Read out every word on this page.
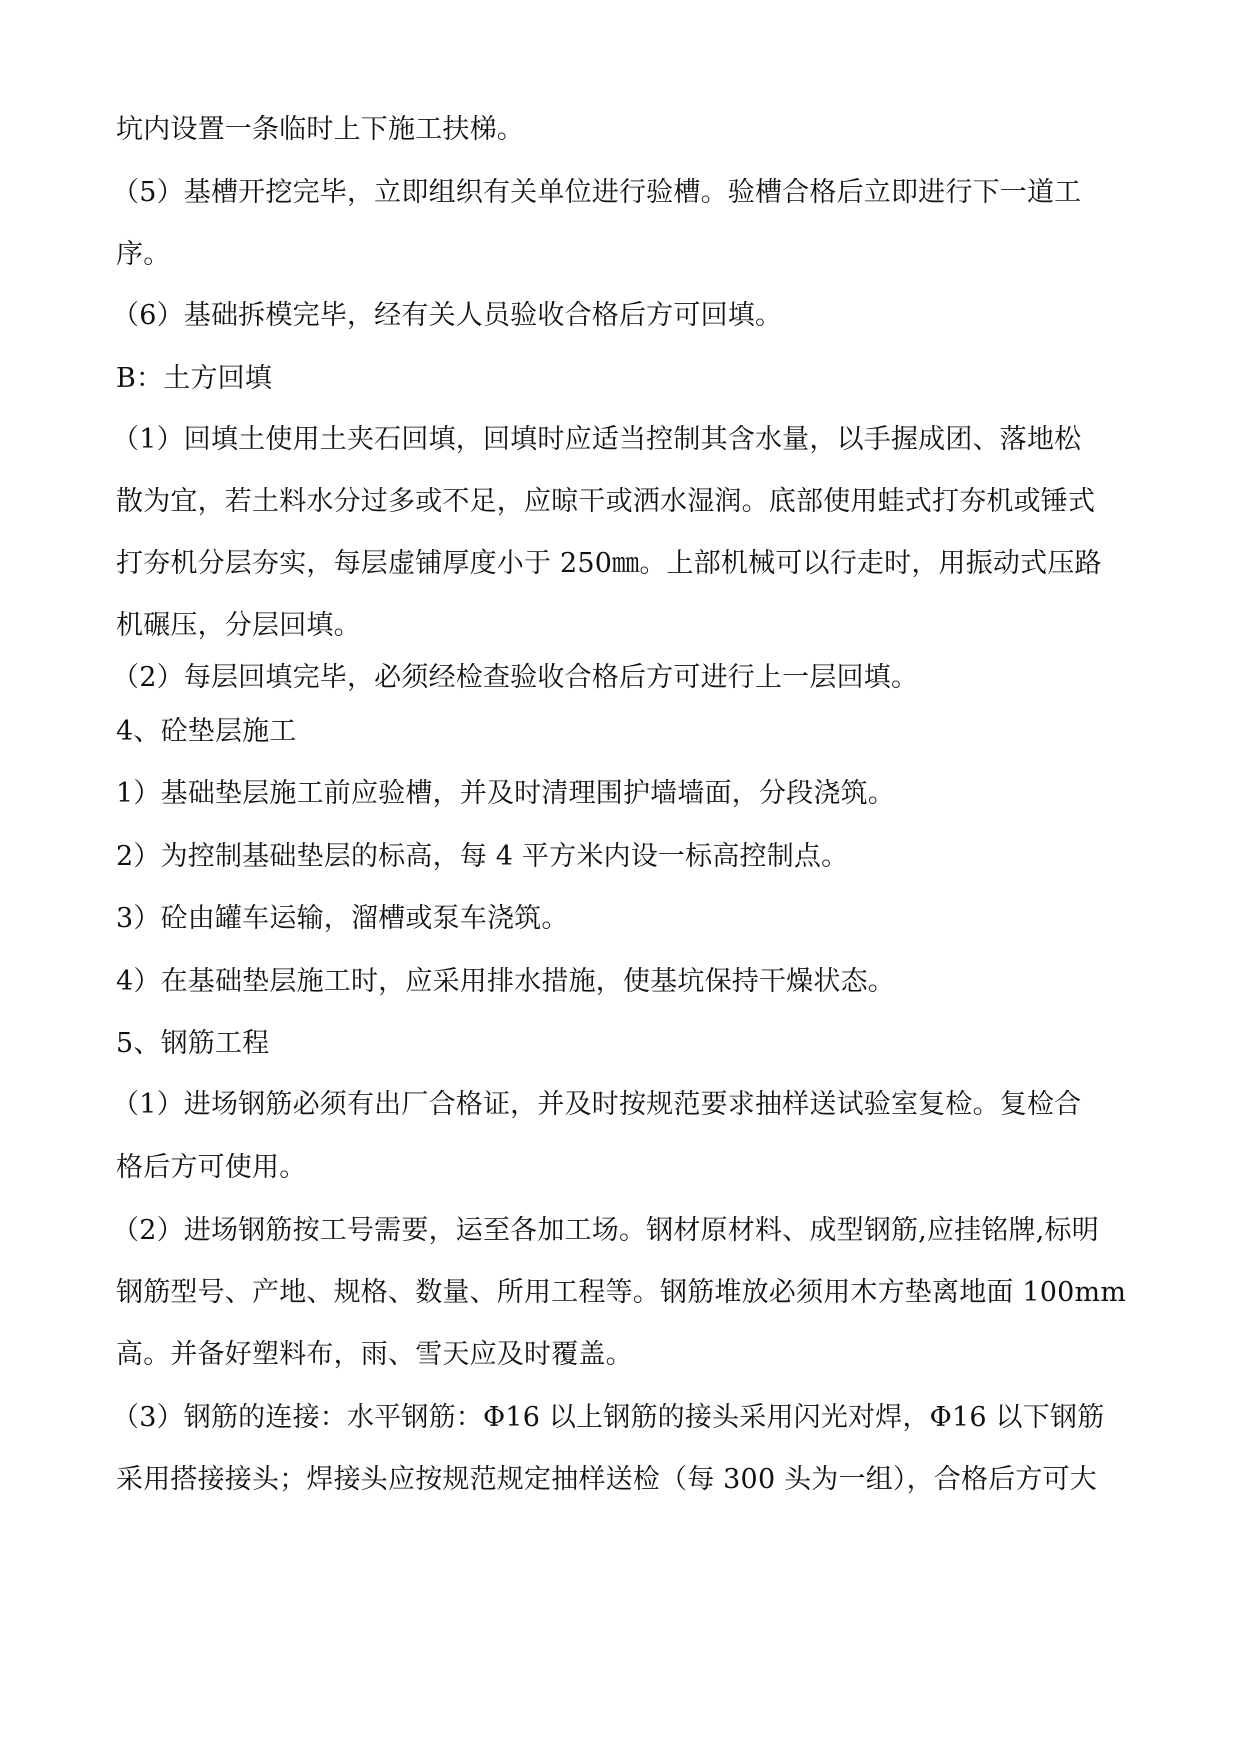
坑内设置一条临时上下施工扶梯。
（5）基槽开挖完毕，立即组织有关单位进行验槽。验槽合格后立即进行下一道工
序。
（6）基础拆模完毕，经有关人员验收合格后方可回填。
B：土方回填
（1）回填土使用土夹石回填，回填时应适当控制其含水量，以手握成团、落地松
散为宜，若土料水分过多或不足，应晾干或洒水湿润。底部使用蛙式打夯机或锤式
打夯机分层夯实，每层虚铺厚度小于 250㎜。上部机械可以行走时，用振动式压路
机碾压，分层回填。
（2）每层回填完毕，必须经检查验收合格后方可进行上一层回填。
4、砼垫层施工
1）基础垫层施工前应验槽，并及时清理围护墙墙面，分段浇筑。
2）为控制基础垫层的标高，每 4 平方米内设一标高控制点。
3）砼由罐车运输，溜槽或泵车浇筑。
4）在基础垫层施工时，应采用排水措施，使基坑保持干燥状态。
5、钢筋工程
（1）进场钢筋必须有出厂合格证，并及时按规范要求抽样送试验室复检。复检合
格后方可使用。
（2）进场钢筋按工号需要，运至各加工场。钢材原材料、成型钢筋,应挂铭牌,标明
钢筋型号、产地、规格、数量、所用工程等。钢筋堆放必须用木方垫离地面 100mm
高。并备好塑料布，雨、雪天应及时覆盖。
（3）钢筋的连接：水平钢筋：Φ16 以上钢筋的接头采用闪光对焊，Φ16 以下钢筋
采用搭接接头；焊接头应按规范规定抽样送检（每 300 头为一组），合格后方可大
